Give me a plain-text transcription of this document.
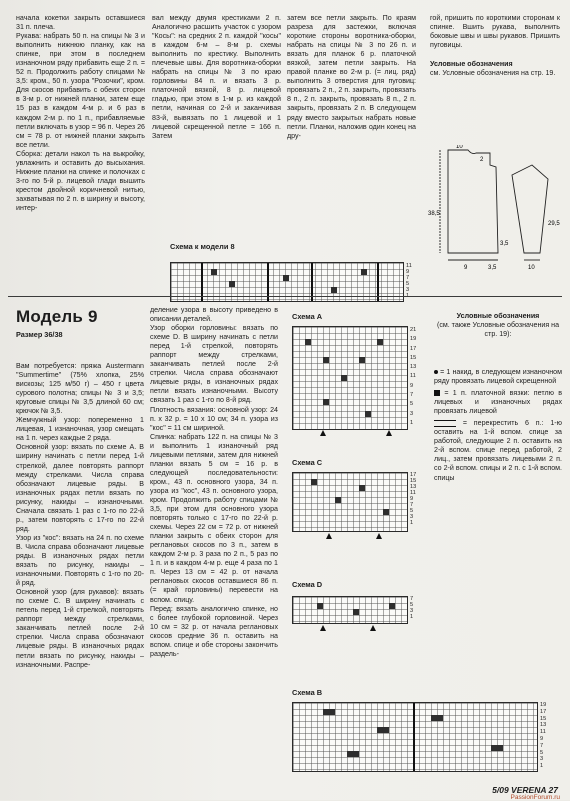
начала кокетки закрыть оставшиеся 31 п. плеча.

Рукава: набрать 50 п. на спицы № 3 и выполнить нижнюю планку, как на спинке, при этом в последнем изнаночном ряду прибавить еще 2 п. = 52 п. Продолжить работу спицами № 3,5: кром., 50 п. узора "Розочки", кром. Для скосов прибавить с обеих сторон в 3-м р. от нижней планки, затем еще 15 раз в каждом 4-м р. и 6 раз в каждом 2-м р. по 1 п., прибавляемые петли включать в узор = 96 п. Через 26 см = 78 р. от нижней планки закрыть все петли.

Сборка: детали накол ть на выкройку, увлажнить и оставить до высыхания. Нижние планки на спинке и полочках с 3-го по 5-й р. лицевой глади вышить крестом двойной коричневой нитью, захватывая по 2 п. в ширину и высоту, интер-

вал между двумя крестиками 2 п. Аналогично расшить участок с узором "Косы": на средних 2 п. каждой "косы" в каждом 6-м – 8-м р. схемы выполнить по крестику. Выполнить плечевые швы. Для воротника-оборки набрать на спицы № 3 по краю горловины 84 п. и вязать 3 р. платочной вязкой, 8 р. лицевой гладью, при этом в 1-м р. из каждой петли, начиная со 2-й и заканчивая 83-й, вывязать по 1 лицевой и 1 лицевой скрещенной петле = 166 п. Затем

затем все петли закрыть. По краям разреза для застежки, включая короткие стороны воротника-оборки, набрать на спицы № 3 по 26 п. и вязать для планок 6 р. платочной вязкой, затем петли закрыть. На правой планке во 2-м р. (= лиц. ряд) выполнить 3 отверстия для пуговиц: провязать 2 п., 2 п. закрыть, провязать 8 п., 2 п. закрыть, провязать 8 п., 2 п. закрыть, провязать 2 п. В следующем ряду вместо закрытых набрать новые петли. Планки, наложив один конец на дру-

гой, пришить по короткими сторонам к спинке. Вшить рукава, выполнить боковые швы и швы рукавов. Пришить пуговицы.

Условные обозначения

см. Условные обозначения на стр. 19.

10
2
38,5
3,5
3,5
29,5
9	10
Схема к модели 8
11
9
7
5
3
1
Модель 9
Размер 36/38

Вам потребуется: пряжа Austermann "Summertime" (75% хлопка, 25% вискозы; 125 м/50 г) – 450 г цвета сурового полотна; спицы № 3 и 3,5; круговые спицы № 3,5 длиной 60 см; крючок № 3,5.

Жемчужный узор: попеременно 1 лицевая, 1 изнаночная, узор смещать на 1 п. через каждые 2 ряда.

Основной узор: вязать по схеме A. В ширину начинать с петли перед 1-й стрелкой, далее повторять раппорт между стрелками. Числа справа обозначают лицевые ряды. В изнаночных рядах петли вязать по рисунку, накиды – изнаночными. Сначала связать 1 раз с 1-го по 22-й р., затем повторять с 17-го по 22-й ряд.

Узор из "кос": вязать на 24 п. по схеме B. Числа справа обозначают лицевые ряды. В изнаночных рядах петли вязать по рисунку, накиды – изнаночными. Повторять с 1-го по 20-й ряд.

Основной узор (для рукавов): вязать по схеме C. В ширину начинать с петель перед 1-й стрелкой, повторять раппорт между стрелками, заканчивать петлей после 2-й стрелки. Числа справа обозначают лицевые ряды. В изнаночных рядах петли вязать по рисунку, накиды – изнаночными. Распре-

деление узора в высоту приведено в описании деталей.

Узор оборки горловины: вязать по схеме D. В ширину начинать с петли перед 1-й стрелкой, повторять раппорт между стрелками, заканчивать петлей после 2-й стрелки. Числа справа обозначают лицевые ряды, в изнаночных рядах петли вязать изнаночными. Высоту связать 1 раз с 1-го по 8-й ряд.

Плотность вязания: основной узор: 24 п. х 32 р. = 10 х 10 см; 34 п. узора из "кос" = 11 см шириной.

Спинка: набрать 122 п. на спицы № 3 и выполнить 1 изнаночный ряд лицевыми петлями, затем для нижней планки вязать 5 см = 16 р. в следующей последовательности: кром., 43 п. основного узора, 34 п. узора из "кос", 43 п. основного узора, кром. Продолжить работу спицами № 3,5, при этом для основного узора повторять только с 17-го по 22-й р. схемы. Через 22 см = 72 р. от нижней планки закрыть с обеих сторон для реглановых скосов по 3 п., затем в каждом 2-м р. 3 раза по 2 п., 5 раз по 1 п. и в каждом 4-м р. еще 4 раза по 1 п. Через 13 см = 42 р. от начала реглановых скосов оставшиеся 86 п. (= край горловины) перевести на вспом. спицу.

Перед: вязать аналогично спинке, но с более глубокой горловиной. Через 10 см = 32 р. от начала реглановых скосов средние 36 п. оставить на вспом. спице и обе стороны закончить раздель-

Схема A
21
19
17
15
13
11
9
7
5
3
1
Схема C
17
15
13
11
9
7
5
3
1
Схема D
7
5
3
1
Схема B
19
17
15
13
11
9
7
5
3
1
Условные обозначения
(см. также Условные обозначения на стр. 19):

= 1 накид, в следующем изнаночном ряду провязать лицевой скрещенной

= 1 п. платочной вязки: петлю в лицевых и изнаночных рядах провязать лицевой

= перекрестить 6 п.: 1-ю оставить на 1-й вспом. спице за работой, следующие 2 п. оставить на 2-й вспом. спице перед работой, 2 лиц., затем провязать лицевыми 2 п. со 2-й вспом. спицы и 2 п. с 1-й вспом. спицы

5/09 VERENA 27
PassionForum.ru
